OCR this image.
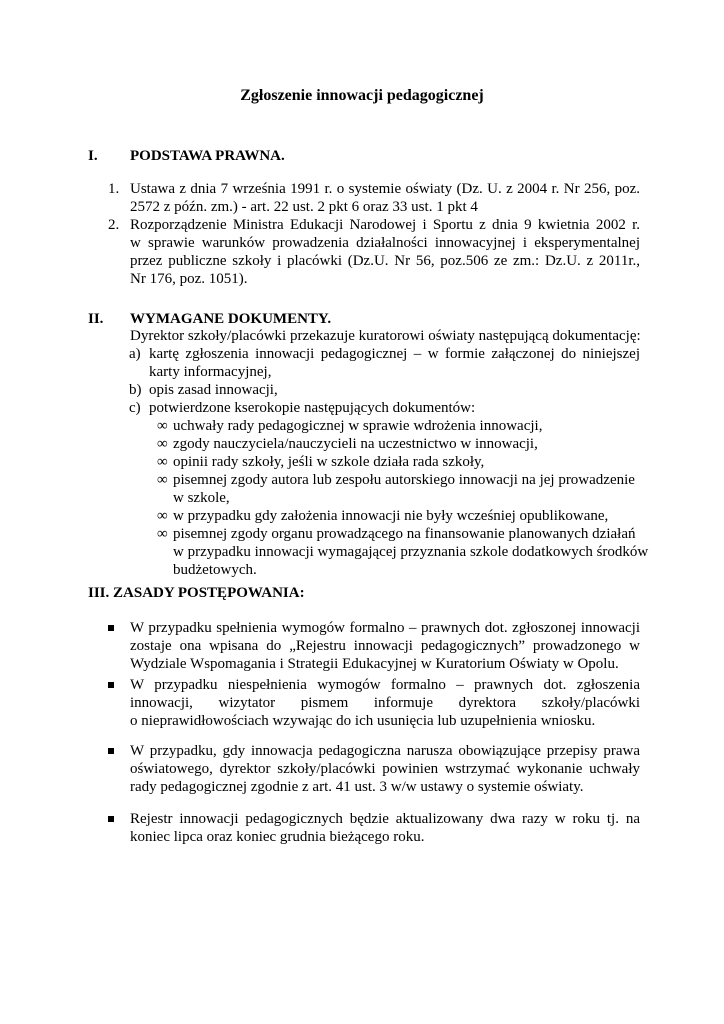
Zgłoszenie innowacji pedagogicznej
I. PODSTAWA PRAWNA.
1. Ustawa z dnia 7 września 1991 r. o systemie oświaty (Dz. U. z 2004 r. Nr 256, poz.
2572 z późn. zm.) - art. 22 ust. 2 pkt 6 oraz 33 ust. 1 pkt 4
2. Rozporządzenie Ministra Edukacji Narodowej i Sportu z dnia 9 kwietnia 2002 r.
w sprawie warunków prowadzenia działalności innowacyjnej i eksperymentalnej
przez publiczne szkoły i placówki (Dz.U. Nr 56, poz.506 ze zm.: Dz.U. z 2011r.,
Nr 176, poz. 1051).
II. WYMAGANE DOKUMENTY.
Dyrektor szkoły/placówki przekazuje kuratorowi oświaty następującą dokumentację:
a) kartę zgłoszenia innowacji pedagogicznej – w formie załączonej do niniejszej
karty informacyjnej,
b) opis zasad innowacji,
c) potwierdzone kserokopie następujących dokumentów:
∞ uchwały rady pedagogicznej w sprawie wdrożenia innowacji,
∞ zgody nauczyciela/nauczycieli na uczestnictwo w innowacji,
∞ opinii rady szkoły, jeśli w szkole działa rada szkoły,
∞ pisemnej zgody autora lub zespołu autorskiego innowacji na jej prowadzenie
w szkole,
∞ w przypadku gdy założenia innowacji nie były wcześniej opublikowane,
∞ pisemnej zgody organu prowadzącego na finansowanie planowanych działań
w przypadku innowacji wymagającej przyznania szkole dodatkowych środków
budżetowych.
III. ZASADY POSTĘPOWANIA:
W przypadku spełnienia wymogów formalno – prawnych dot. zgłoszonej innowacji
zostaje ona wpisana do „Rejestru innowacji pedagogicznych” prowadzonego w
Wydziale Wspomagania i Strategii Edukacyjnej w Kuratorium Oświaty w Opolu.
W przypadku niespełnienia wymogów formalno – prawnych dot. zgłoszenia
innowacji, wizytator pismem informuje dyrektora szkoły/placówki
o nieprawidłowościach wzywając do ich usunięcia lub uzupełnienia wniosku.
W przypadku, gdy innowacja pedagogiczna narusza obowiązujące przepisy prawa
oświatowego, dyrektor szkoły/placówki powinien wstrzymać wykonanie uchwały
rady pedagogicznej zgodnie z art. 41 ust. 3 w/w ustawy o systemie oświaty.
Rejestr innowacji pedagogicznych będzie aktualizowany dwa razy w roku tj. na
koniec lipca oraz koniec grudnia bieżącego roku.
